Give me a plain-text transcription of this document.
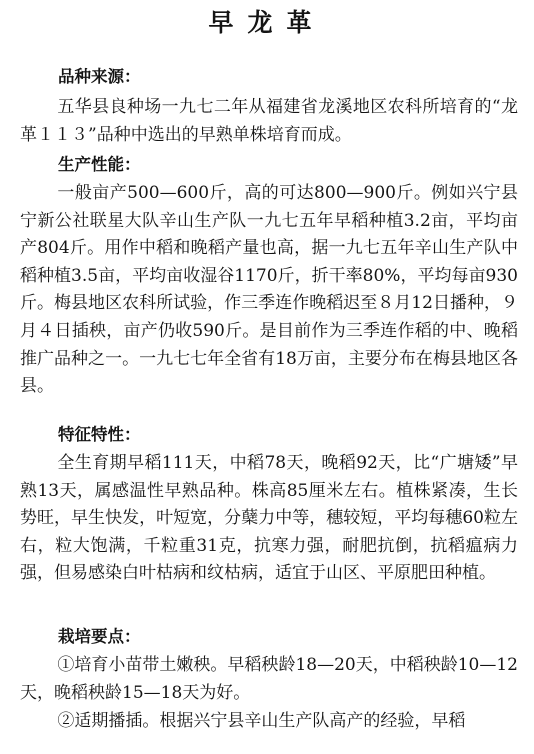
早龙革
品种来源：

五华县良种场一九七二年从福建省龙溪地区农科所培育的“龙革１１３”品种中选出的早熟单株培育而成。

生产性能：

一般亩产500—600斤，高的可达800—900斤。例如兴宁县宁新公社联星大队辛山生产队一九七五年早稻种植3.2亩，平均亩产804斤。用作中稻和晚稻产量也高，据一九七五年辛山生产队中稻种植3.5亩，平均亩收湿谷1170斤，折干率80%，平均每亩930斤。梅县地区农科所试验，作三季连作晚稻迟至８月12日播种，９月４日插秧，亩产仍收590斤。是目前作为三季连作稻的中、晚稻推广品种之一。一九七七年全省有18万亩，主要分布在梅县地区各县。

特征特性：

全生育期早稻111天，中稻78天，晚稻92天，比“广塘矮”早熟13天，属感温性早熟品种。株高85厘米左右。植株紧凑，生长势旺，早生快发，叶短宽，分蘖力中等，穗较短，平均每穗60粒左右，粒大饱满，千粒重31克，抗寒力强，耐肥抗倒，抗稻瘟病力强，但易感染白叶枯病和纹枯病，适宜于山区、平原肥田种植。

栽培要点：

①培育小苗带土嫩秧。早稻秧龄18—20天，中稻秧龄10—12天，晚稻秧龄15—18天为好。

②适期播插。根据兴宁县辛山生产队高产的经验，早稻
